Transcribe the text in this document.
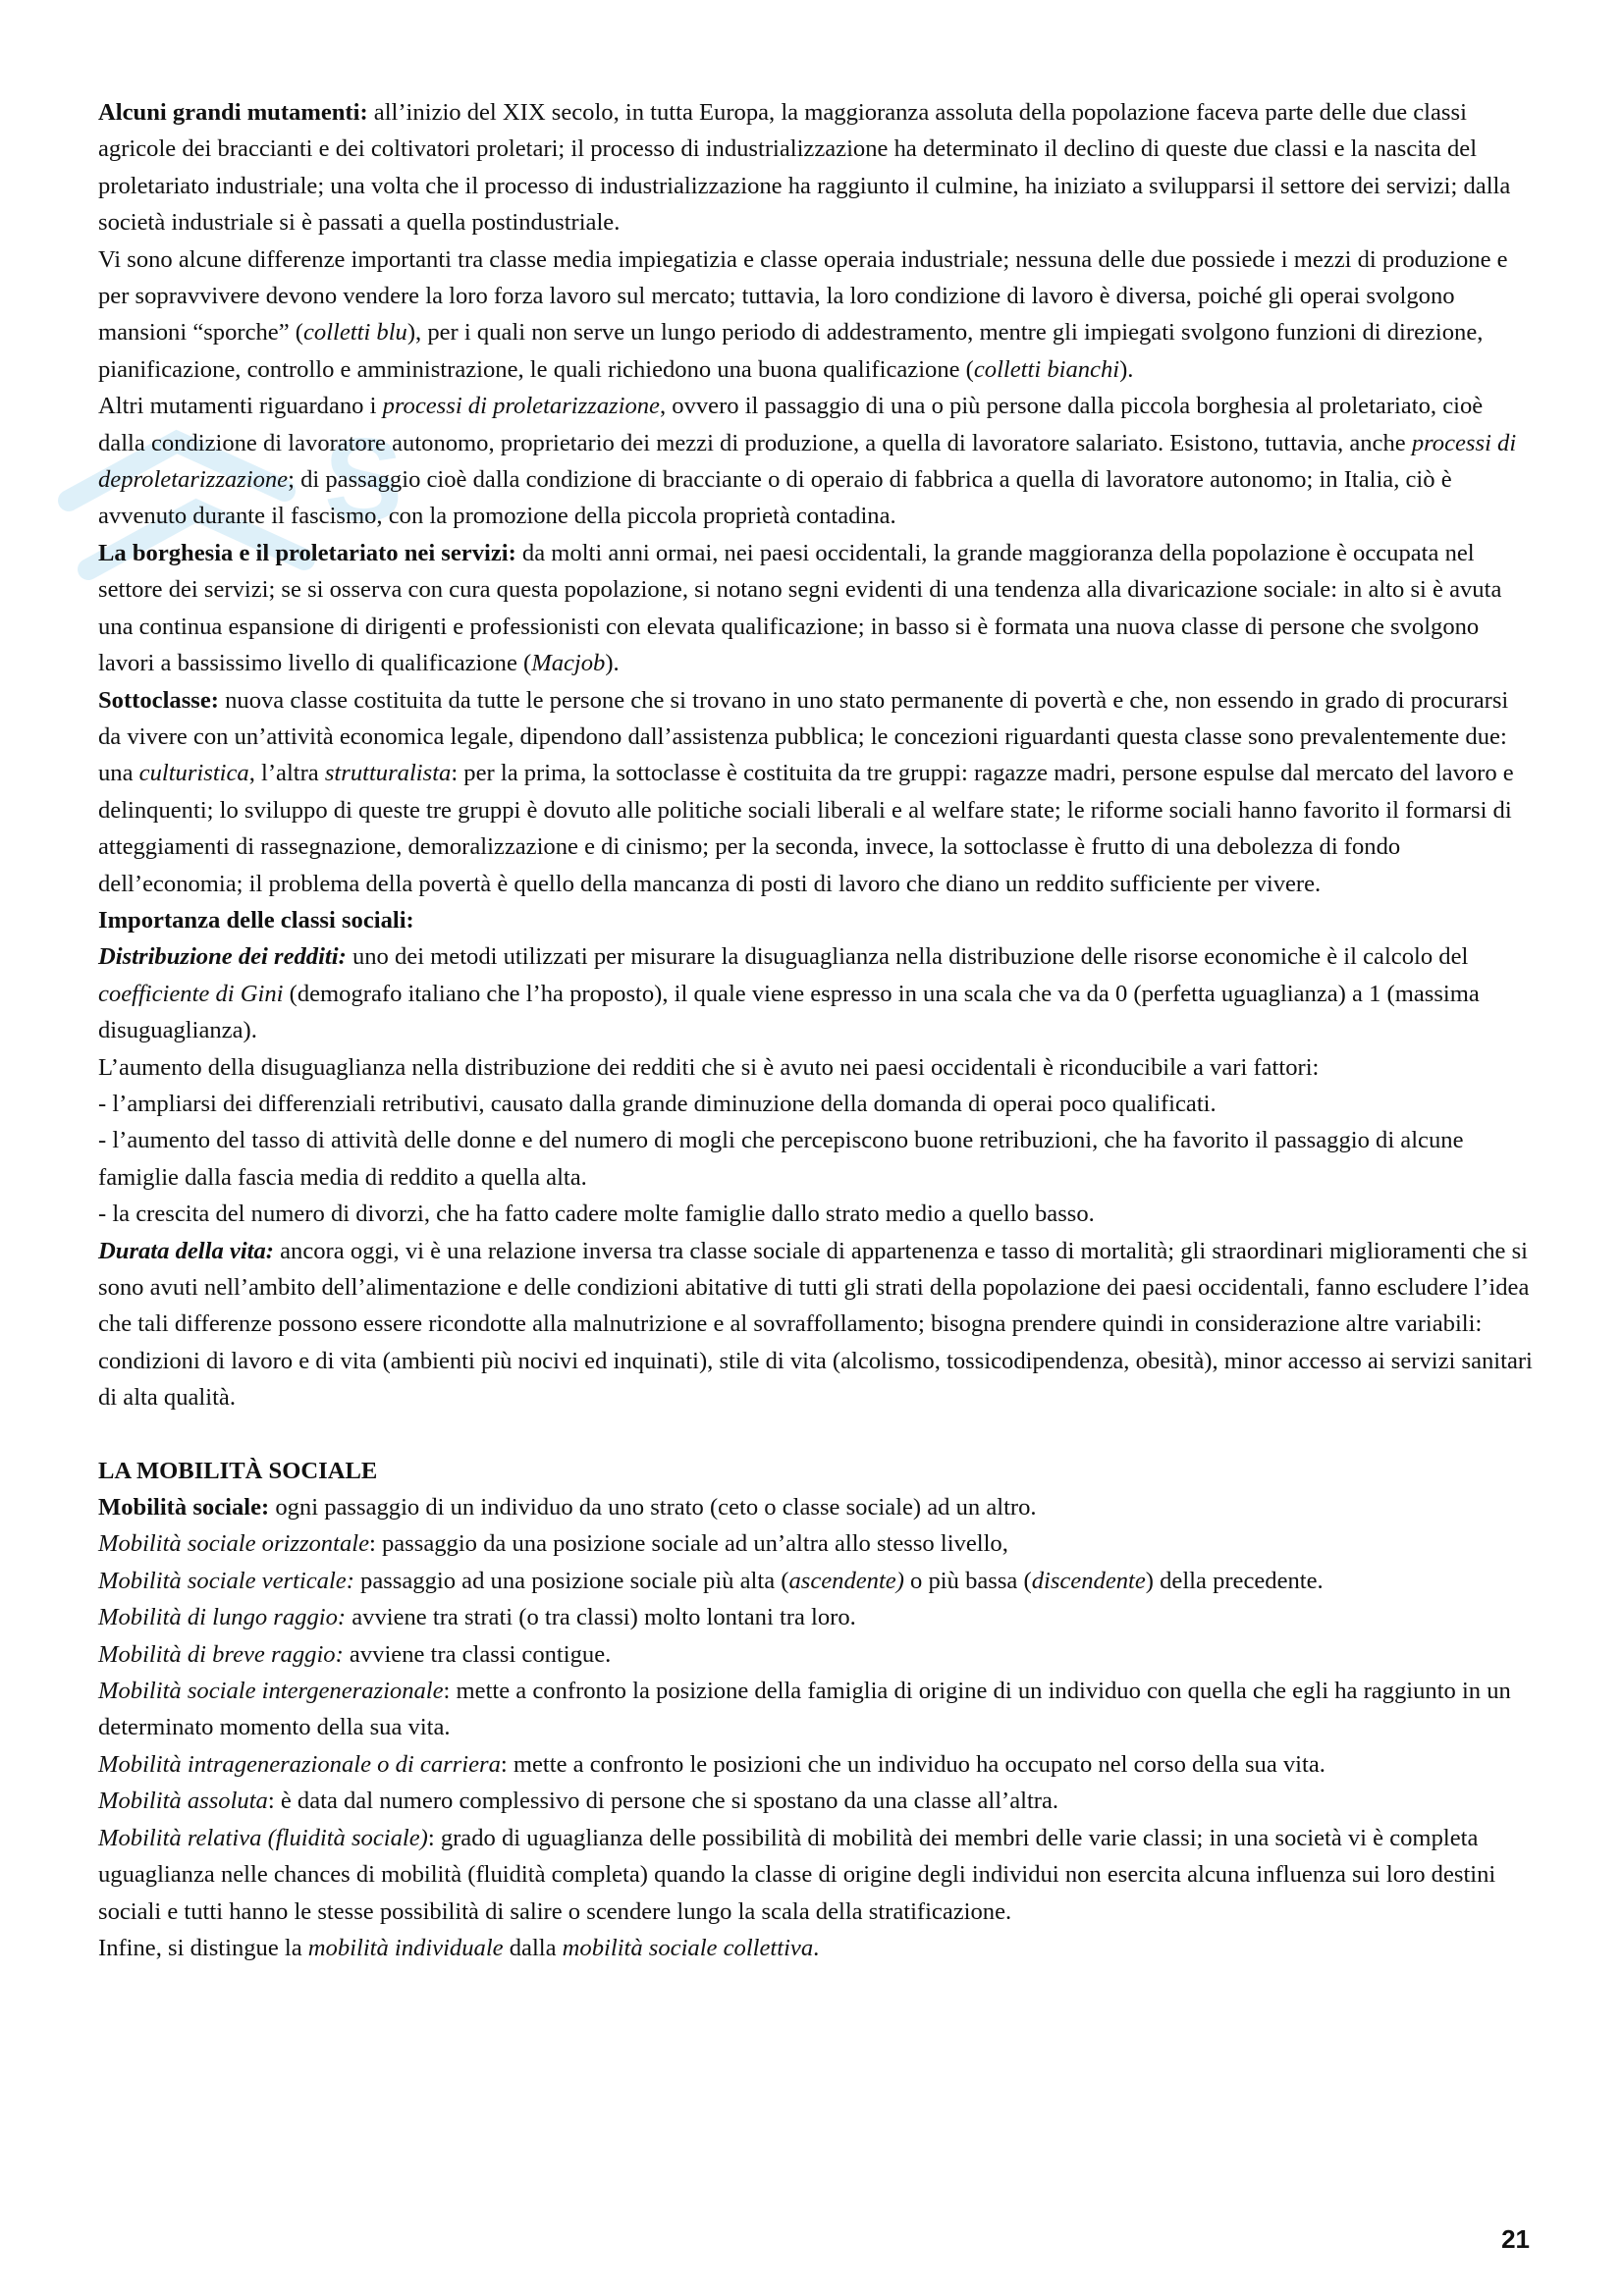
S

Alcuni grandi mutamenti: all’inizio del XIX secolo, in tutta Europa, la maggioranza assoluta della popolazione faceva parte delle due classi agricole dei braccianti e dei coltivatori proletari; il processo di industrializzazione ha determinato il declino di queste due classi e la nascita del proletariato industriale; una volta che il processo di industrializzazione ha raggiunto il culmine, ha iniziato a svilupparsi il settore dei servizi; dalla società industriale si è passati a quella postindustriale.

Vi sono alcune differenze importanti tra classe media impiegatizia e classe operaia industriale; nessuna delle due possiede i mezzi di produzione e per sopravvivere devono vendere la loro forza lavoro sul mercato; tuttavia, la loro condizione di lavoro è diversa, poiché gli operai svolgono mansioni “sporche” (colletti blu), per i quali non serve un lungo periodo di addestramento, mentre gli impiegati svolgono funzioni di direzione, pianificazione, controllo e amministrazione, le quali richiedono una buona qualificazione (colletti bianchi).

Altri mutamenti riguardano i processi di proletarizzazione, ovvero il passaggio di una o più persone dalla piccola borghesia al proletariato, cioè dalla condizione di lavoratore autonomo, proprietario dei mezzi di produzione, a quella di lavoratore salariato. Esistono, tuttavia, anche processi di deproletarizzazione; di passaggio cioè dalla condizione di bracciante o di operaio di fabbrica a quella di lavoratore autonomo; in Italia, ciò è avvenuto durante il fascismo, con la promozione della piccola proprietà contadina.

La borghesia e il proletariato nei servizi: da molti anni ormai, nei paesi occidentali, la grande maggioranza della popolazione è occupata nel settore dei servizi; se si osserva con cura questa popolazione, si notano segni evidenti di una tendenza alla divaricazione sociale: in alto si è avuta una continua espansione di dirigenti e professionisti con elevata qualificazione; in basso si è formata una nuova classe di persone che svolgono lavori a bassissimo livello di qualificazione (Macjob).

Sottoclasse: nuova classe costituita da tutte le persone che si trovano in uno stato permanente di povertà e che, non essendo in grado di procurarsi da vivere con un’attività economica legale, dipendono dall’assistenza pubblica; le concezioni riguardanti questa classe sono prevalentemente due: una culturistica, l’altra strutturalista: per la prima, la sottoclasse è costituita da tre gruppi: ragazze madri, persone espulse dal mercato del lavoro e delinquenti; lo sviluppo di queste tre gruppi è dovuto alle politiche sociali liberali e al welfare state; le riforme sociali hanno favorito il formarsi di atteggiamenti di rassegnazione, demoralizzazione e di cinismo; per la seconda, invece, la sottoclasse è frutto di una debolezza di fondo dell’economia; il problema della povertà è quello della mancanza di posti di lavoro che diano un reddito sufficiente per vivere.

Importanza delle classi sociali:

Distribuzione dei redditi: uno dei metodi utilizzati per misurare la disuguaglianza nella distribuzione delle risorse economiche è il calcolo del coefficiente di Gini (demografo italiano che l’ha proposto), il quale viene espresso in una scala che va da 0 (perfetta uguaglianza) a 1 (massima disuguaglianza).

L’aumento della disuguaglianza nella distribuzione dei redditi che si è avuto nei paesi occidentali è riconducibile a vari fattori:

- l’ampliarsi dei differenziali retributivi, causato dalla grande diminuzione della domanda di operai poco qualificati.

- l’aumento del tasso di attività delle donne e del numero di mogli che percepiscono buone retribuzioni, che ha favorito il passaggio di alcune famiglie dalla fascia media di reddito a quella alta.

- la crescita del numero di divorzi, che ha fatto cadere molte famiglie dallo strato medio a quello basso.

Durata della vita: ancora oggi, vi è una relazione inversa tra classe sociale di appartenenza e tasso di mortalità; gli straordinari miglioramenti che si sono avuti nell’ambito dell’alimentazione e delle condizioni abitative di tutti gli strati della popolazione dei paesi occidentali, fanno escludere l’idea che tali differenze possono essere ricondotte alla malnutrizione e al sovraffollamento; bisogna prendere quindi in considerazione altre variabili: condizioni di lavoro e di vita (ambienti più nocivi ed inquinati), stile di vita (alcolismo, tossicodipendenza, obesità), minor accesso ai servizi sanitari di alta qualità.

LA MOBILITÀ SOCIALE

Mobilità sociale: ogni passaggio di un individuo da uno strato (ceto o classe sociale) ad un altro.

Mobilità sociale orizzontale: passaggio da una posizione sociale ad un’altra allo stesso livello,

Mobilità sociale verticale: passaggio ad una posizione sociale più alta (ascendente) o più bassa (discendente) della precedente.

Mobilità di lungo raggio: avviene tra strati (o tra classi) molto lontani tra loro.

Mobilità di breve raggio: avviene tra classi contigue.

Mobilità sociale intergenerazionale: mette a confronto la posizione della famiglia di origine di un individuo con quella che egli ha raggiunto in un determinato momento della sua vita.

Mobilità intragenerazionale o di carriera: mette a confronto le posizioni che un individuo ha occupato nel corso della sua vita.

Mobilità assoluta: è data dal numero complessivo di persone che si spostano da una classe all’altra.

Mobilità relativa (fluidità sociale): grado di uguaglianza delle possibilità di mobilità dei membri delle varie classi; in una società vi è completa uguaglianza nelle chances di mobilità (fluidità completa) quando la classe di origine degli individui non esercita alcuna influenza sui loro destini sociali e tutti hanno le stesse possibilità di salire o scendere lungo la scala della stratificazione.

Infine, si distingue la mobilità individuale dalla mobilità sociale collettiva.

21
